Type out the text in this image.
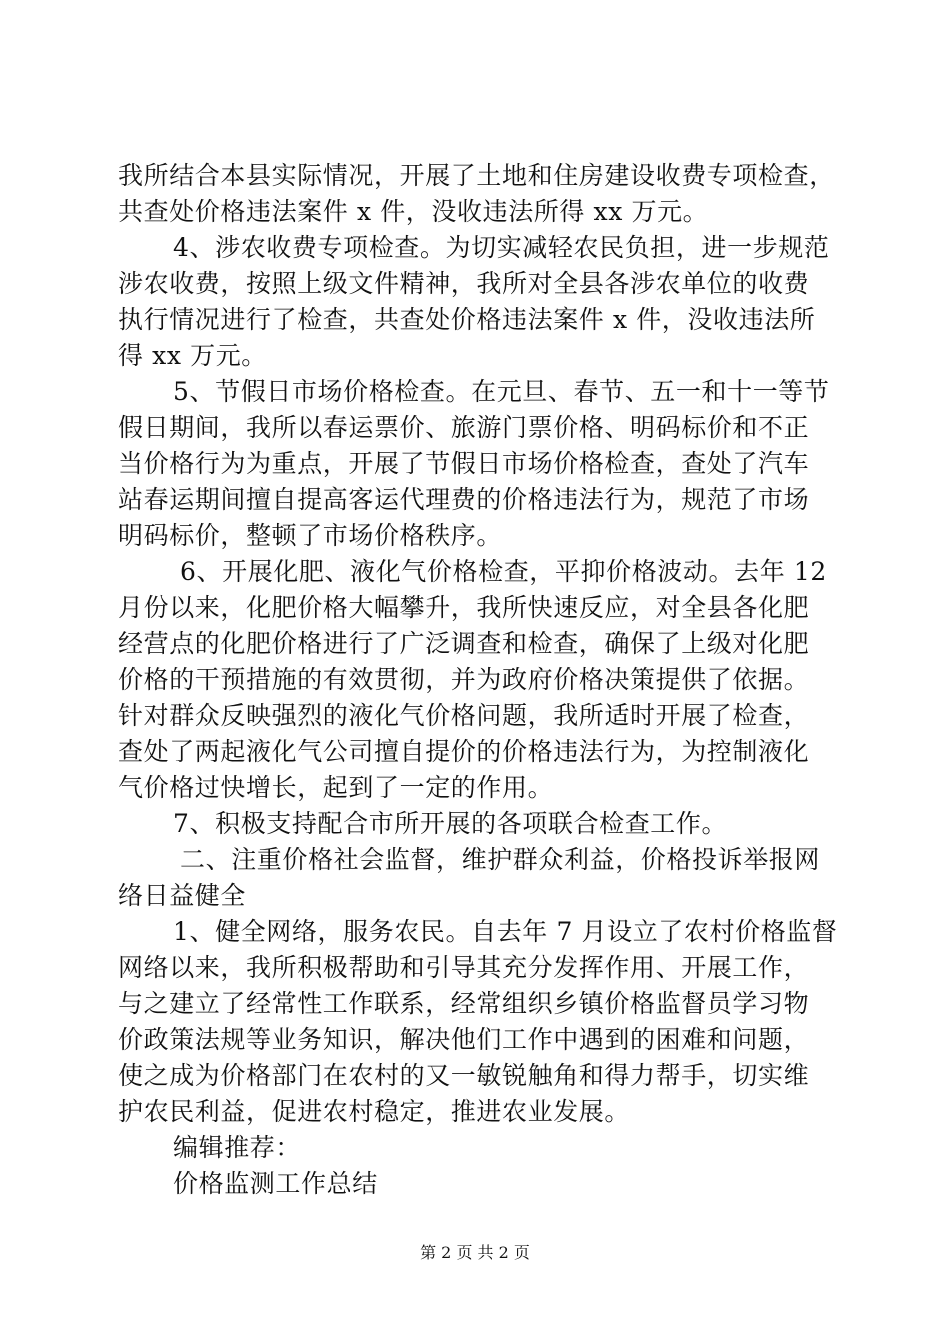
我所结合本县实际情况，开展了土地和住房建设收费专项检查，
共查处价格违法案件 x 件，没收违法所得 xx 万元。
4、涉农收费专项检查。为切实减轻农民负担，进一步规范
涉农收费，按照上级文件精神，我所对全县各涉农单位的收费
执行情况进行了检查，共查处价格违法案件 x 件，没收违法所
得 xx 万元。
5、节假日市场价格检查。在元旦、春节、五一和十一等节
假日期间，我所以春运票价、旅游门票价格、明码标价和不正
当价格行为为重点，开展了节假日市场价格检查，查处了汽车
站春运期间擅自提高客运代理费的价格违法行为，规范了市场
明码标价，整顿了市场价格秩序。
6、开展化肥、液化气价格检查，平抑价格波动。去年 12
月份以来，化肥价格大幅攀升，我所快速反应，对全县各化肥
经营点的化肥价格进行了广泛调查和检查，确保了上级对化肥
价格的干预措施的有效贯彻，并为政府价格决策提供了依据。
针对群众反映强烈的液化气价格问题，我所适时开展了检查，
查处了两起液化气公司擅自提价的价格违法行为，为控制液化
气价格过快增长，起到了一定的作用。
7、积极支持配合市所开展的各项联合检查工作。
二、注重价格社会监督，维护群众利益，价格投诉举报网
络日益健全
1、健全网络，服务农民。自去年 7 月设立了农村价格监督
网络以来，我所积极帮助和引导其充分发挥作用、开展工作，
与之建立了经常性工作联系，经常组织乡镇价格监督员学习物
价政策法规等业务知识，解决他们工作中遇到的困难和问题，
使之成为价格部门在农村的又一敏锐触角和得力帮手，切实维
护农民利益，促进农村稳定，推进农业发展。
编辑推荐：
价格监测工作总结
第 2 页 共 2 页
